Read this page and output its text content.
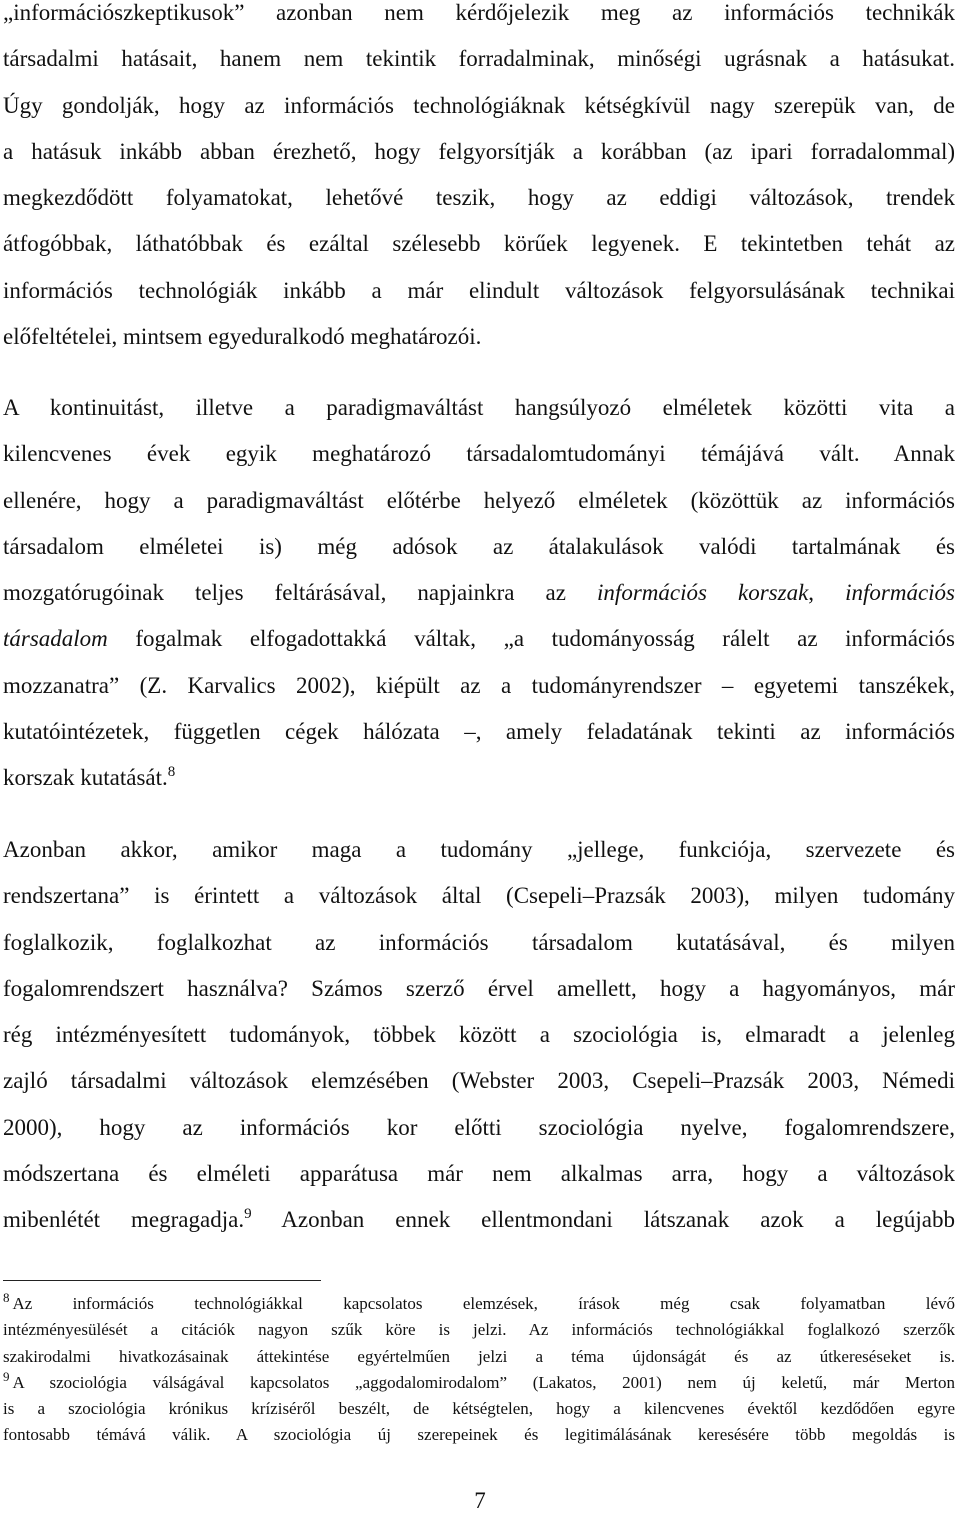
„információszkeptikusok” azonban nem kérdőjelezik meg az információs technikák
társadalmi hatásait, hanem nem tekintik forradalminak, minőségi ugrásnak a hatásukat.
Úgy gondolják, hogy az információs technológiáknak kétségkívül nagy szerepük van, de
a hatásuk inkább abban érezhető, hogy felgyorsítják a korábban (az ipari forradalommal)
megkezdődött folyamatokat, lehetővé teszik, hogy az eddigi változások, trendek
átfogóbbak, láthatóbbak és ezáltal szélesebb körűek legyenek. E tekintetben tehát az
információs technológiák inkább a már elindult változások felgyorsulásának technikai
előfeltételei, mintsem egyeduralkodó meghatározói.
A kontinuitást, illetve a paradigmaváltást hangsúlyozó elméletek közötti vita a
kilencvenes évek egyik meghatározó társadalomtudományi témájává vált. Annak
ellenére, hogy a paradigmaváltást előtérbe helyező elméletek (közöttük az információs
társadalom elméletei is) még adósok az átalakulások valódi tartalmának és
mozgatórugóinak teljes feltárásával, napjainkra az információs korszak, információs
társadalom fogalmak elfogadottakká váltak, „a tudományosság rálelt az információs
mozzanatra” (Z. Karvalics 2002), kiépült az a tudományrendszer – egyetemi tanszékek,
kutatóintézetek, független cégek hálózata –, amely feladatának tekinti az információs
korszak kutatását.$^8$
Azonban akkor, amikor maga a tudomány „jellege, funkciója, szervezete és
rendszertana” is érintett a változások által (Csepeli–Prazsák 2003), milyen tudomány
foglalkozik, foglalkozhat az információs társadalom kutatásával, és milyen
fogalomrendszert használva? Számos szerző érvel amellett, hogy a hagyományos, már
rég intézményesített tudományok, többek között a szociológia is, elmaradt a jelenleg
zajló társadalmi változások elemzésében (Webster 2003, Csepeli–Prazsák 2003, Némedi
2000), hogy az információs kor előtti szociológia nyelve, fogalomrendszere,
módszertana és elméleti apparátusa már nem alkalmas arra, hogy a változások
mibenlétét megragadja.$^9$ Azonban ennek ellentmondani látszanak azok a legújabb
$^8$ Az információs technológiákkal kapcsolatos elemzések, írások még csak folyamatban lévő
intézményesülését a citációk nagyon szűk köre is jelzi. Az információs technológiákkal foglalkozó szerzők
szakirodalmi hivatkozásainak áttekintése egyértelműen jelzi a téma újdonságát és az útkereséseket is.
$^9$ A szociológia válságával kapcsolatos „aggodalomirodalom” (Lakatos, 2001) nem új keletű, már Merton
is a szociológia krónikus kríziséről beszélt, de kétségtelen, hogy a kilencvenes évektől kezdődően egyre
fontosabb témává válik. A szociológia új szerepeinek és legitimálásának keresésére több megoldás is
7
